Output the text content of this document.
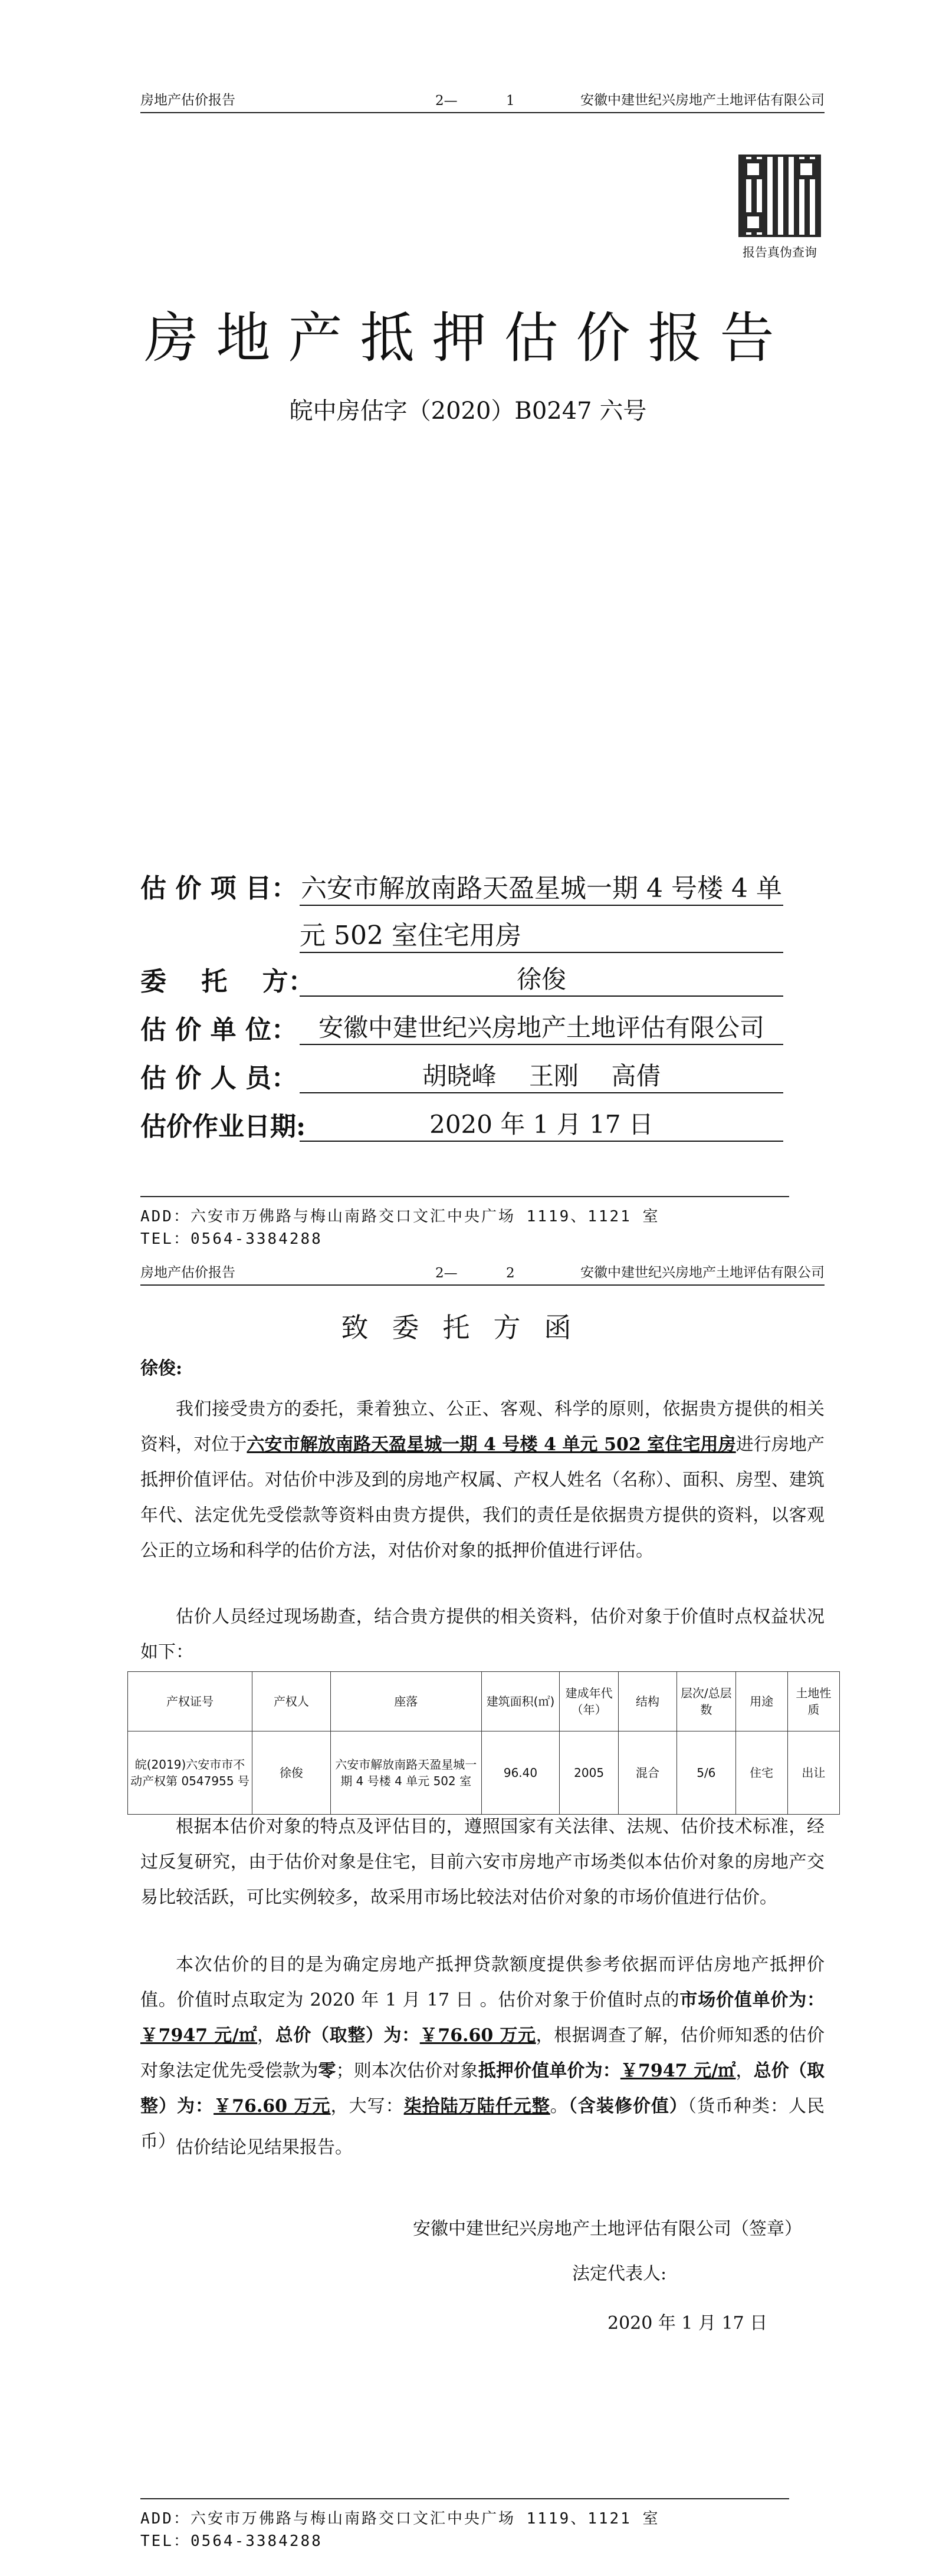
房地产估价报告	2—	1	安徽中建世纪兴房地产土地评估有限公司
报告真伪查询
房地产抵押估价报告
皖中房估字（2020）B0247 六号
估 价 项 目： 六安市解放南路天盈星城一期 4 号楼 4 单
元 502 室住宅用房
委　 托　 方：	徐俊
估 价 单 位： 安徽中建世纪兴房地产土地评估有限公司
估 价 人 员：	胡晓峰　 王刚　 高倩
估价作业日期:	2020 年 1 月 17 日
ADD：六安市万佛路与梅山南路交口文汇中央广场 1119、1121 室
TEL：0564-3384288
房地产估价报告	2—	2	安徽中建世纪兴房地产土地评估有限公司
致委托方函
徐俊:
我们接受贵方的委托，秉着独立、公正、客观、科学的原则，依据贵方提供的相关资料，对位于六安市解放南路天盈星城一期 4 号楼 4 单元 502 室住宅用房进行房地产抵押价值评估。对估价中涉及到的房地产权属、产权人姓名（名称）、面积、房型、建筑年代、法定优先受偿款等资料由贵方提供，我们的责任是依据贵方提供的资料，以客观公正的立场和科学的估价方法，对估价对象的抵押价值进行评估。
估价人员经过现场勘查，结合贵方提供的相关资料，估价对象于价值时点权益状况如下：
产权证号	产权人	座落	建筑面积(㎡)	建成年代（年）	结构	层次/总层数	用途	土地性质
皖(2019)六安市市不动产权第 0547955 号	徐俊	六安市解放南路天盈星城一期 4 号楼 4 单元 502 室	96.40	2005	混合	5/6	住宅	出让
根据本估价对象的特点及评估目的，遵照国家有关法律、法规、估价技术标准，经过反复研究，由于估价对象是住宅，目前六安市房地产市场类似本估价对象的房地产交易比较活跃，可比实例较多，故采用市场比较法对估价对象的市场价值进行估价。
本次估价的目的是为确定房地产抵押贷款额度提供参考依据而评估房地产抵押价值。价值时点取定为 2020 年 1 月 17 日 。估价对象于价值时点的市场价值单价为：￥7947 元/㎡，总价（取整）为：￥76.60 万元，根据调查了解，估价师知悉的估价对象法定优先受偿款为零；则本次估价对象抵押价值单价为：￥7947 元/㎡，总价（取整）为：￥76.60 万元，大写：柒拾陆万陆仟元整。（含装修价值）（货币种类：人民币） 估价结论见结果报告。
安徽中建世纪兴房地产土地评估有限公司（签章）
法定代表人:
2020 年 1 月 17 日
ADD：六安市万佛路与梅山南路交口文汇中央广场 1119、1121 室
TEL：0564-3384288
